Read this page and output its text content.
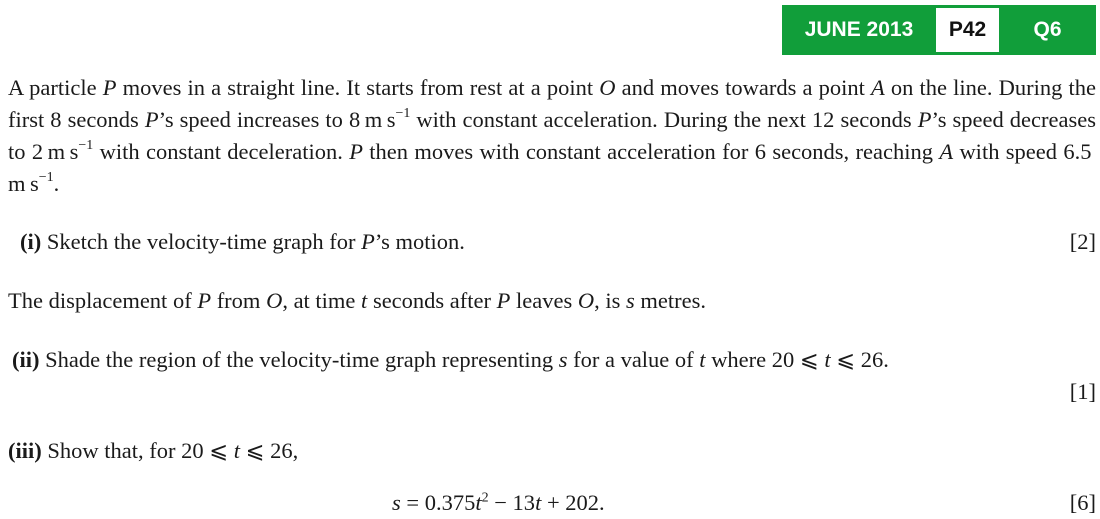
JUNE 2013	P42	Q6
A particle P moves in a straight line. It starts from rest at a point O and moves towards a point A on the line. During the first 8 seconds P’s speed increases to 8 m $s^{-1}$ with constant acceleration. During the next 12 seconds P’s speed decreases to 2 m $s^{-1}$ with constant deceleration. P then moves with constant acceleration for 6 seconds, reaching A with speed 6.5 m $s^{-1}$.
(i) Sketch the velocity-time graph for P’s motion.	[2]
The displacement of P from O, at time t seconds after P leaves O, is s metres.
(ii) Shade the region of the velocity-time graph representing s for a value of t where 20 ⩽ t ⩽ 26.
[1]
(iii) Show that, for 20 ⩽ t ⩽ 26,
$s = 0.375t^2 - 13t + 202$.	[6]
